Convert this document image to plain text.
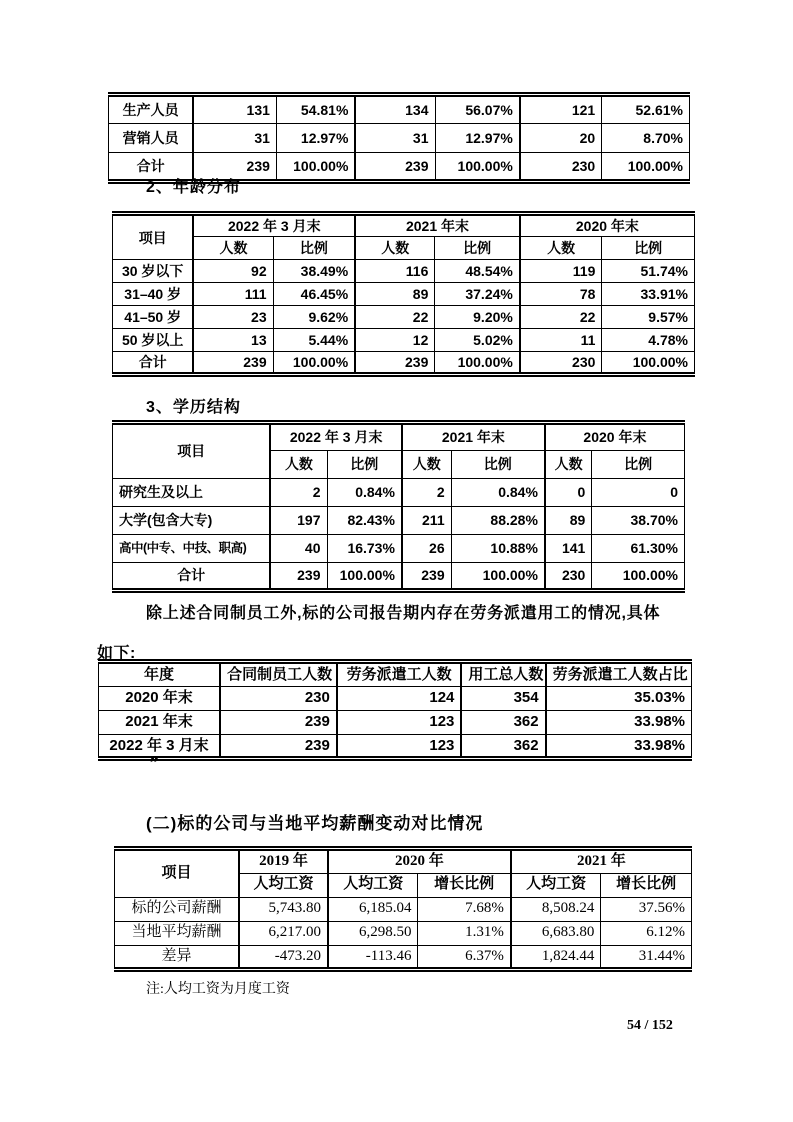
生产人员	131	54.81%	134	56.07%	121	52.61%
营销人员	31	12.97%	31	12.97%	20	8.70%
合计	239	100.00%	239	100.00%	230	100.00%
2、年龄分布
项目	2022 年 3 月末		2021 年末		2020 年末	
	人数	比例	人数	比例	人数	比例
30 岁以下	92	38.49%	116	48.54%	119	51.74%
31–40 岁	111	46.45%	89	37.24%	78	33.91%
41–50 岁	23	9.62%	22	9.20%	22	9.57%
50 岁以上	13	5.44%	12	5.02%	11	4.78%
合计	239	100.00%	239	100.00%	230	100.00%
3、学历结构
项目	2022 年 3 月末		2021 年末		2020 年末	
	人数	比例	人数	比例	人数	比例
研究生及以上	2	0.84%	2	0.84%	0	0
大学(包含大专)	197	82.43%	211	88.28%	89	38.70%
高中(中专、中技、职高)	40	16.73%	26	10.88%	141	61.30%
合计	239	100.00%	239	100.00%	230	100.00%
除上述合同制员工外,标的公司报告期内存在劳务派遣用工的情况,具体
如下:
年度	合同制员工人数	劳务派遣工人数	用工总人数	劳务派遣工人数占比
2020 年末	230	124	354	35.03%
2021 年末	239	123	362	33.98%
2022 年 3 月末	239	123	362	33.98%
”
(二)标的公司与当地平均薪酬变动对比情况
项目	2019 年	2020 年		2021 年	
	人均工资	人均工资	增长比例	人均工资	增长比例
标的公司薪酬	5,743.80	6,185.04	7.68%	8,508.24	37.56%
当地平均薪酬	6,217.00	6,298.50	1.31%	6,683.80	6.12%
差异	-473.20	-113.46	6.37%	1,824.44	31.44%
注:人均工资为月度工资
54 / 152
